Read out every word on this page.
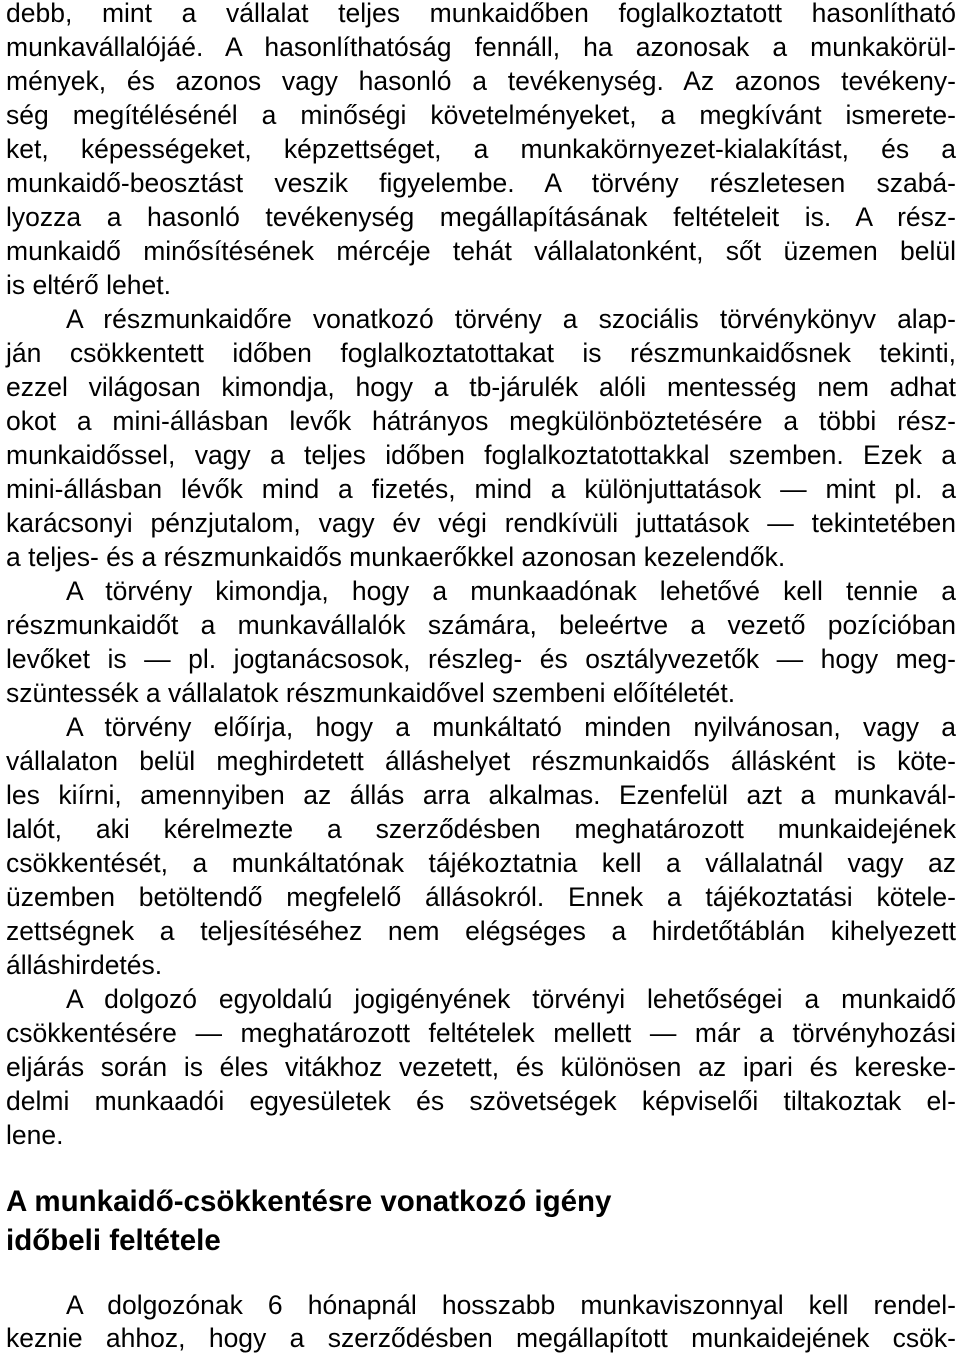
debb, mint a vállalat teljes munkaidőben foglalkoztatott hasonlítható
munkavállalójáé. A hasonlíthatóság fennáll, ha azonosak a munkakörül-
mények, és azonos vagy hasonló a tevékenység. Az azonos tevékeny-
ség megítélésénél a minőségi követelményeket, a megkívánt ismerete-
ket, képességeket, képzettséget, a munkakörnyezet-kialakítást, és a
munkaidő-beosztást veszik figyelembe. A törvény részletesen szabá-
lyozza a hasonló tevékenység megállapításának feltételeit is. A rész-
munkaidő minősítésének mércéje tehát vállalatonként, sőt üzemen belül
is eltérő lehet.
A részmunkaidőre vonatkozó törvény a szociális törvénykönyv alap-
ján csökkentett időben foglalkoztatottakat is részmunkaidősnek tekinti,
ezzel világosan kimondja, hogy a tb-járulék alóli mentesség nem adhat
okot a mini-állásban levők hátrányos megkülönböztetésére a többi rész-
munkaidőssel, vagy a teljes időben foglalkoztatottakkal szemben. Ezek a
mini-állásban lévők mind a fizetés, mind a különjuttatások — mint pl. a
karácsonyi pénzjutalom, vagy év végi rendkívüli juttatások — tekintetében
a teljes- és a részmunkaidős munkaerőkkel azonosan kezelendők.
A törvény kimondja, hogy a munkaadónak lehetővé kell tennie a
részmunkaidőt a munkavállalók számára, beleértve a vezető pozícióban
levőket is — pl. jogtanácsosok, részleg- és osztályvezetők — hogy meg-
szüntessék a vállalatok részmunkaidővel szembeni előítéletét.
A törvény előírja, hogy a munkáltató minden nyilvánosan, vagy a
vállalaton belül meghirdetett álláshelyet részmunkaidős állásként is köte-
les kiírni, amennyiben az állás arra alkalmas. Ezenfelül azt a munkavál-
lalót, aki kérelmezte a szerződésben meghatározott munkaidejének
csökkentését, a munkáltatónak tájékoztatnia kell a vállalatnál vagy az
üzemben betöltendő megfelelő állásokról. Ennek a tájékoztatási kötele-
zettségnek a teljesítéséhez nem elégséges a hirdetőtáblán kihelyezett
álláshirdetés.
A dolgozó egyoldalú jogigényének törvényi lehetőségei a munkaidő
csökkentésére — meghatározott feltételek mellett — már a törvényhozási
eljárás során is éles vitákhoz vezetett, és különösen az ipari és kereske-
delmi munkaadói egyesületek és szövetségek képviselői tiltakoztak el-
lene.
A munkaidő-csökkentésre vonatkozó igény
időbeli feltétele
A dolgozónak 6 hónapnál hosszabb munkaviszonnyal kell rendel-
keznie ahhoz, hogy a szerződésben megállapított munkaidejének csök-
